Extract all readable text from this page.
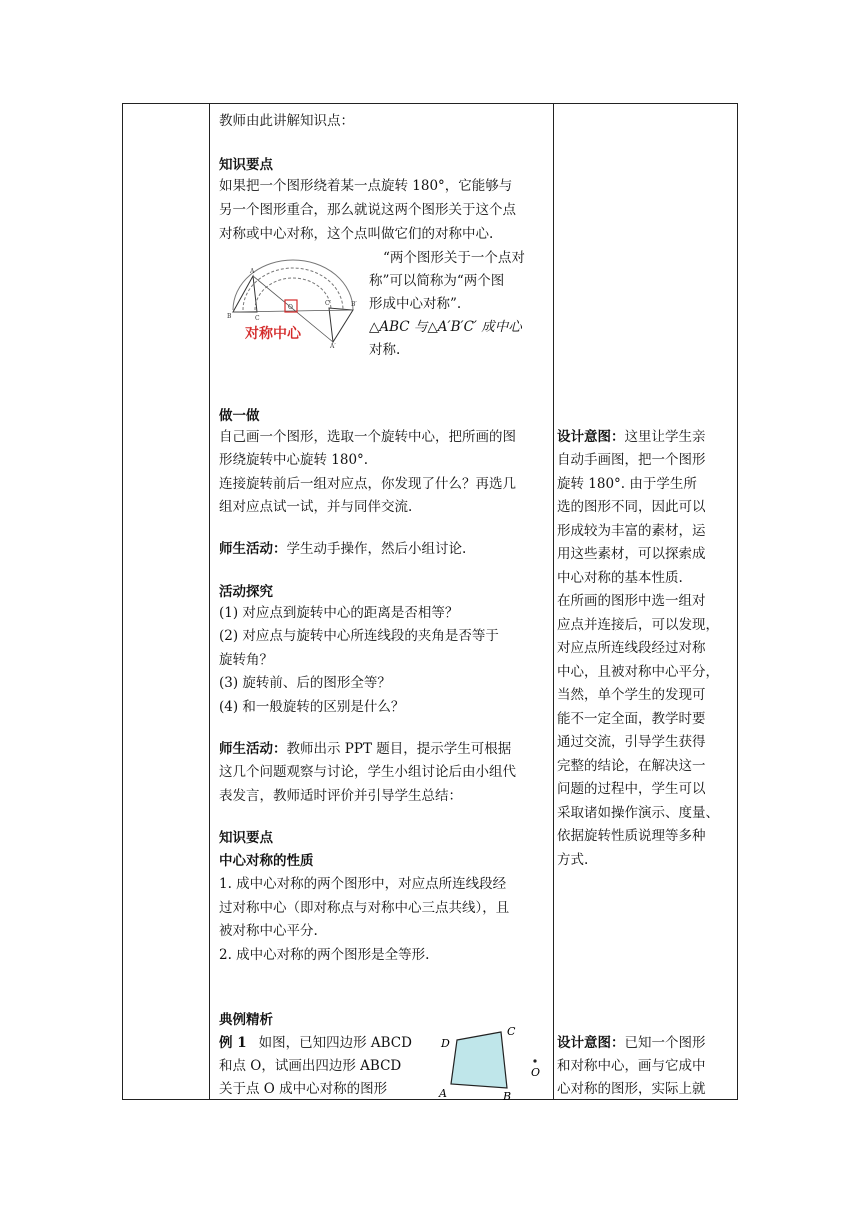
教师由此讲解知识点：
知识要点
如果把一个图形绕着某一点旋转 180°，它能够与
另一个图形重合，那么就说这两个图形关于这个点
对称或中心对称，这个点叫做它们的对称中心.
O
A
B	C
C′	B′
A′
对称中心
“两个图形关于一个点对
称”可以简称为“两个图
形成中心对称”.
△ABC 与△A′B′C′ 成中心
对称.
做一做
自己画一个图形，选取一个旋转中心，把所画的图
形绕旋转中心旋转 180°.
连接旋转前后一组对应点，你发现了什么？再选几
组对应点试一试，并与同伴交流.
师生活动：学生动手操作，然后小组讨论.
活动探究
(1) 对应点到旋转中心的距离是否相等？
(2) 对应点与旋转中心所连线段的夹角是否等于
旋转角？
(3) 旋转前、后的图形全等？
(4) 和一般旋转的区别是什么？
师生活动：教师出示 PPT 题目，提示学生可根据
这几个问题观察与讨论，学生小组讨论后由小组代
表发言，教师适时评价并引导学生总结：
知识要点
中心对称的性质
1. 成中心对称的两个图形中，对应点所连线段经
过对称中心（即对称点与对称中心三点共线），且
被对称中心平分.
2. 成中心对称的两个图形是全等形.
典例精析
例 1 如图，已知四边形 ABCD
和点 O，试画出四边形 ABCD
关于点 O 成中心对称的图形
D
C
A	B
O
设计意图：这里让学生亲
自动手画图，把一个图形
旋转 180°. 由于学生所
选的图形不同，因此可以
形成较为丰富的素材，运
用这些素材，可以探索成
中心对称的基本性质.
在所画的图形中选一组对
应点并连接后，可以发现，
对应点所连线段经过对称
中心，且被对称中心平分，
当然，单个学生的发现可
能不一定全面，教学时要
通过交流，引导学生获得
完整的结论，在解决这一
问题的过程中，学生可以
采取诸如操作演示、度量、
依据旋转性质说理等多种
方式.
设计意图：已知一个图形
和对称中心，画与它成中
心对称的图形，实际上就
